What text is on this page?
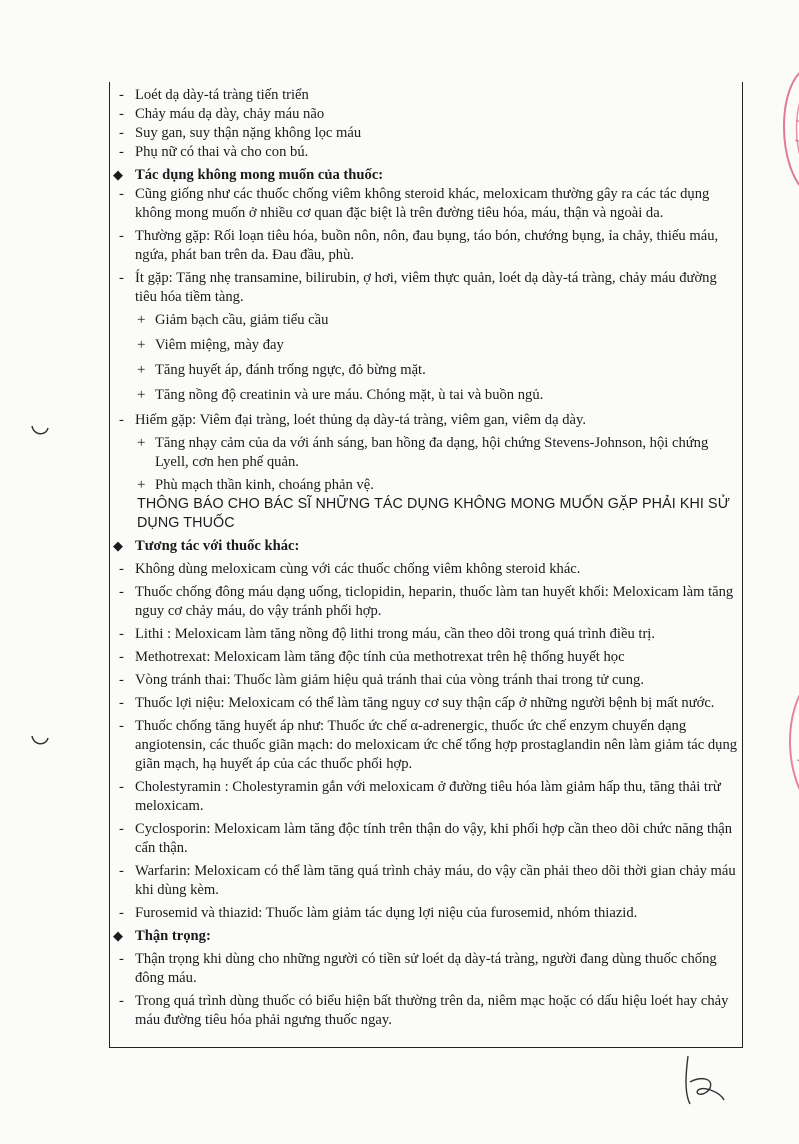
- Loét dạ dày-tá tràng tiến triển

- Chảy máu dạ dày, chảy máu não

- Suy gan, suy thận nặng không lọc máu

- Phụ nữ có thai và cho con bú.

◆ Tác dụng không mong muốn của thuốc:

- Cũng giống như các thuốc chống viêm không steroid khác, meloxicam thường gây ra các tác dụng không mong muốn ở nhiều cơ quan đặc biệt là trên đường tiêu hóa, máu, thận và ngoài da.

- Thường gặp: Rối loạn tiêu hóa, buồn nôn, nôn, đau bụng, táo bón, chướng bụng, ỉa chảy, thiếu máu, ngứa, phát ban trên da. Đau đầu, phù.

- Ít gặp: Tăng nhẹ transamine, bilirubin, ợ hơi, viêm thực quản, loét dạ dày-tá tràng, chảy máu đường tiêu hóa tiềm tàng.

+ Giảm bạch cầu, giảm tiểu cầu

+ Viêm miệng, mày đay

+ Tăng huyết áp, đánh trống ngực, đỏ bừng mặt.

+ Tăng nồng độ creatinin và ure máu. Chóng mặt, ù tai và buồn ngủ.

- Hiếm gặp: Viêm đại tràng, loét thủng dạ dày-tá tràng, viêm gan, viêm dạ dày.

+ Tăng nhạy cảm của da với ánh sáng, ban hồng đa dạng, hội chứng Stevens-Johnson, hội chứng Lyell, cơn hen phế quản.

+ Phù mạch thần kinh, choáng phản vệ.

THÔNG BÁO CHO BÁC SĨ NHỮNG TÁC DỤNG KHÔNG MONG MUỐN GẶP PHẢI KHI SỬ DỤNG THUỐC

◆ Tương tác với thuốc khác:

- Không dùng meloxicam cùng với các thuốc chống viêm không steroid khác.

- Thuốc chống đông máu dạng uống, ticlopidin, heparin, thuốc làm tan huyết khối: Meloxicam làm tăng nguy cơ chảy máu, do vậy tránh phối hợp.

- Lithi : Meloxicam làm tăng nồng độ lithi trong máu, cần theo dõi trong quá trình điều trị.

- Methotrexat: Meloxicam làm tăng độc tính của methotrexat trên hệ thống huyết học

- Vòng tránh thai: Thuốc làm giảm hiệu quả tránh thai của vòng tránh thai trong tử cung.

- Thuốc lợi niệu: Meloxicam có thể làm tăng nguy cơ suy thận cấp ở những người bệnh bị mất nước.

- Thuốc chống tăng huyết áp như: Thuốc ức chế α-adrenergic, thuốc ức chế enzym chuyển dạng angiotensin, các thuốc giãn mạch: do meloxicam ức chế tổng hợp prostaglandin nên làm giảm tác dụng giãn mạch, hạ huyết áp của các thuốc phối hợp.

- Cholestyramin : Cholestyramin gắn với meloxicam ở đường tiêu hóa làm giảm hấp thu, tăng thải trừ meloxicam.

- Cyclosporin: Meloxicam làm tăng độc tính trên thận do vậy, khi phối hợp cần theo dõi chức năng thận cẩn thận.

- Warfarin: Meloxicam có thể làm tăng quá trình chảy máu, do vậy cần phải theo dõi thời gian chảy máu khi dùng kèm.

- Furosemid và thiazid: Thuốc làm giảm tác dụng lợi niệu của furosemid, nhóm thiazid.

◆ Thận trọng:

- Thận trọng khi dùng cho những người có tiền sử loét dạ dày-tá tràng, người đang dùng thuốc chống đông máu.

- Trong quá trình dùng thuốc có biểu hiện bất thường trên da, niêm mạc hoặc có dấu hiệu loét hay chảy máu đường tiêu hóa phải ngưng thuốc ngay.
